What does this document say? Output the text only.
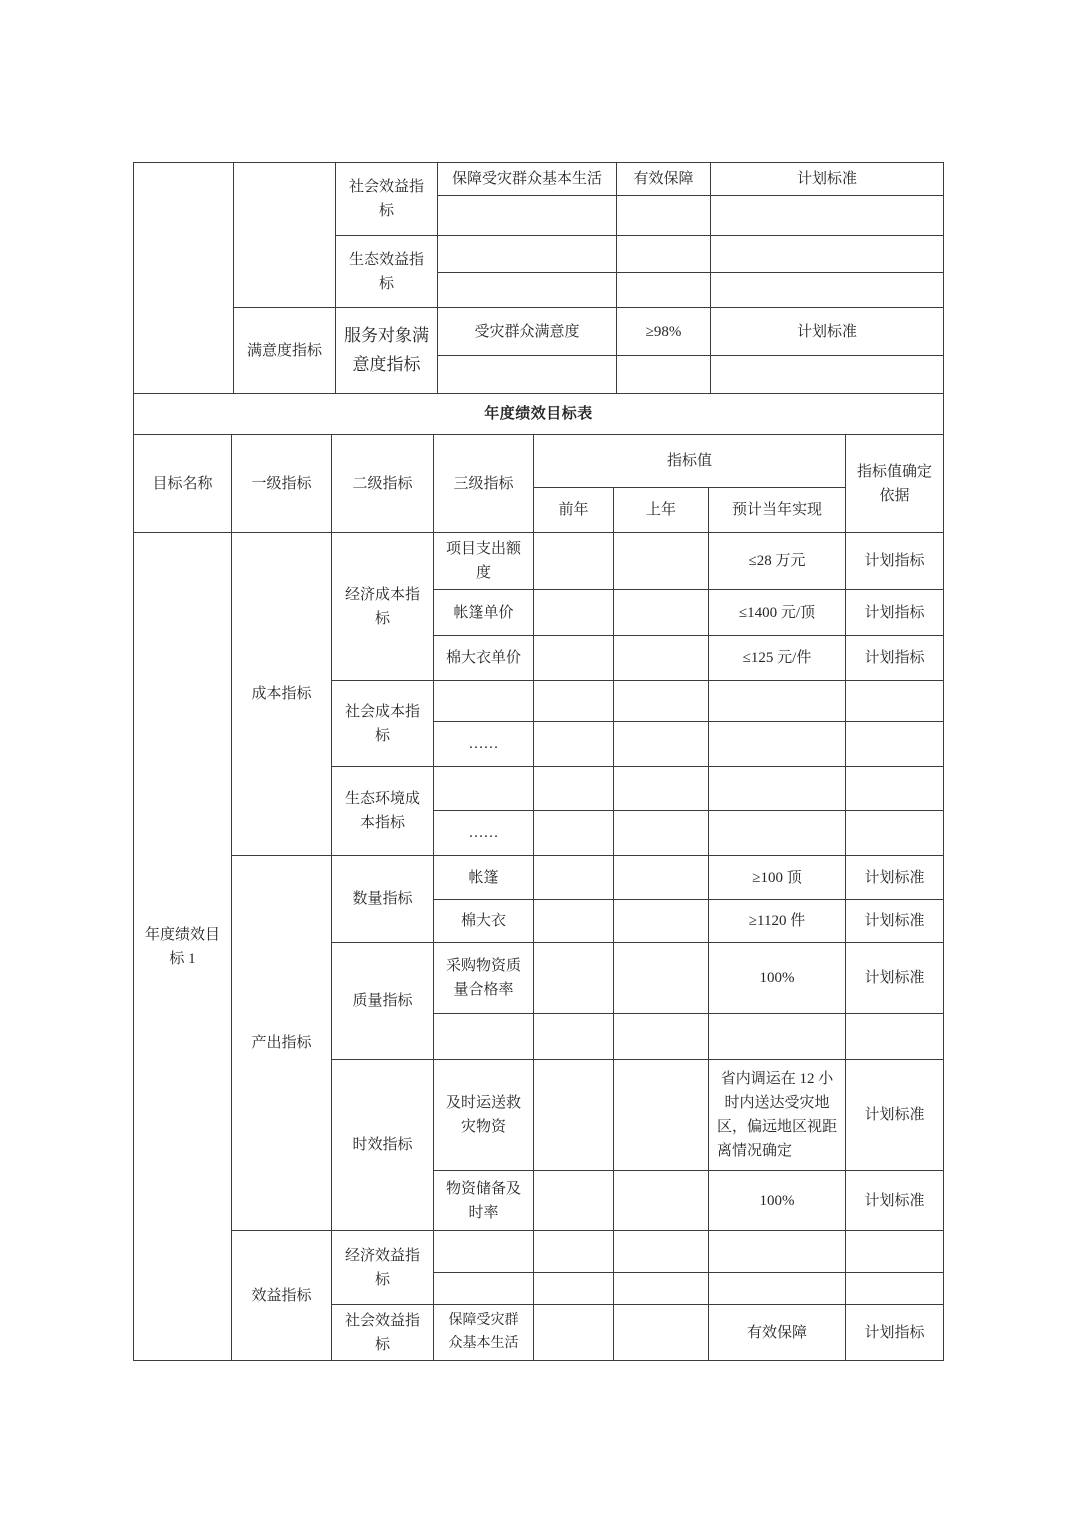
		社会效益指标	保障受灾群众基本生活	有效保障	计划标准

		生态效益指标			

	满意度指标	服务对象满意度指标	受灾群众满意度	≥98%	计划标准

年度绩效目标表
目标名称	一级指标	二级指标	三级指标	指标值			指标值确定依据
				前年	上年	预计当年实现	
年度绩效目标 1	成本指标	经济成本指标	项目支出额度			≤28 万元	计划指标
			帐篷单价			≤1400 元/顶	计划指标
			棉大衣单价			≤125 元/件	计划指标
		社会成本指标					
			……				
		生态环境成本指标					
			……				
	产出指标	数量指标	帐篷			≥100 顶	计划标准
			棉大衣			≥1120 件	计划标准
		质量指标	采购物资质量合格率			100%	计划标准

		时效指标	及时运送救灾物资			省内调运在 12 小时内送达受灾地区，偏远地区视距离情况确定	计划标准
			物资储备及时率			100%	计划标准
	效益指标	经济效益指标					

		社会效益指标	保障受灾群众基本生活			有效保障	计划指标
